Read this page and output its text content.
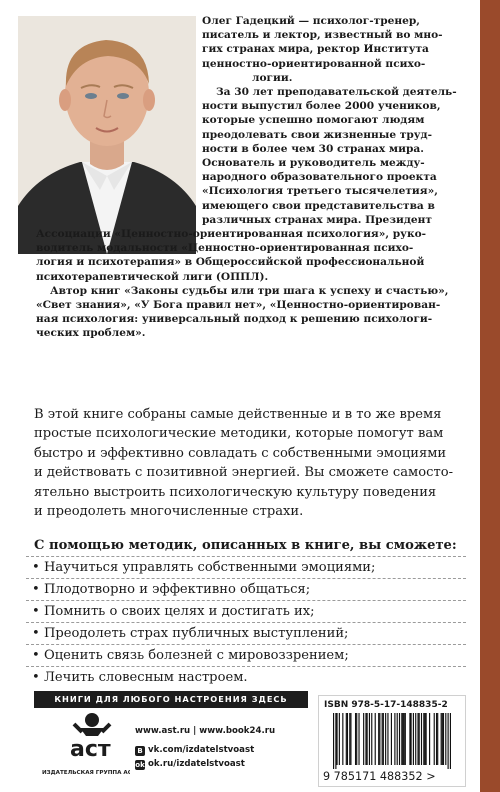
Олег Гадецкий — психолог-тренер,
писатель и лектор, известный во мно-
гих странах мира, ректор Института
ценностно-ориентированной психо-
логии.
За 30 лет преподавательской деятель-
ности выпустил более 2000 учеников,
которые успешно помогают людям
преодолевать свои жизненные труд-
ности в более чем 30 странах мира.
Основатель и руководитель между-
народного образовательного проекта
«Психология третьего тысячелетия»,
имеющего свои представительства в
различных странах мира. Президент
Ассоциации «Ценностно-ориентированная психология», руко-
водитель модальности «Ценностно-ориентированная психо-
логия и психотерапия» в Общероссийской профессиональной
психотерапевтической лиги (ОППЛ).
Автор книг «Законы судьбы или три шага к успеху и счастью»,
«Свет знания», «У Бога правил нет», «Ценностно-ориентирован-
ная психология: универсальный подход к решению психологи-
ческих проблем».
В этой книге собраны самые действенные и в то же время
простые психологические методики, которые помогут вам
быстро и эффективно совладать с собственными эмоциями
и действовать с позитивной энергией. Вы сможете самосто-
ятельно выстроить психологическую культуру поведения
и преодолеть многочисленные страхи.
С помощью методик, описанных в книге, вы сможете:
• Научиться управлять собственными эмоциями;
• Плодотворно и эффективно общаться;
• Помнить о своих целях и достигать их;
• Преодолеть страх публичных выступлений;
• Оценить связь болезней с мировоззрением;
• Лечить словесным настроем.
КНИГИ ДЛЯ ЛЮБОГО НАСТРОЕНИЯ ЗДЕСЬ
аст
ИЗДАТЕЛЬСКАЯ ГРУППА АСТ
www.ast.ru | www.book24.ru
В vk.com/izdatelstvoast
ok ok.ru/izdatelstvoast
ISBN 978-5-17-148835-2
9 785171 488352 >
